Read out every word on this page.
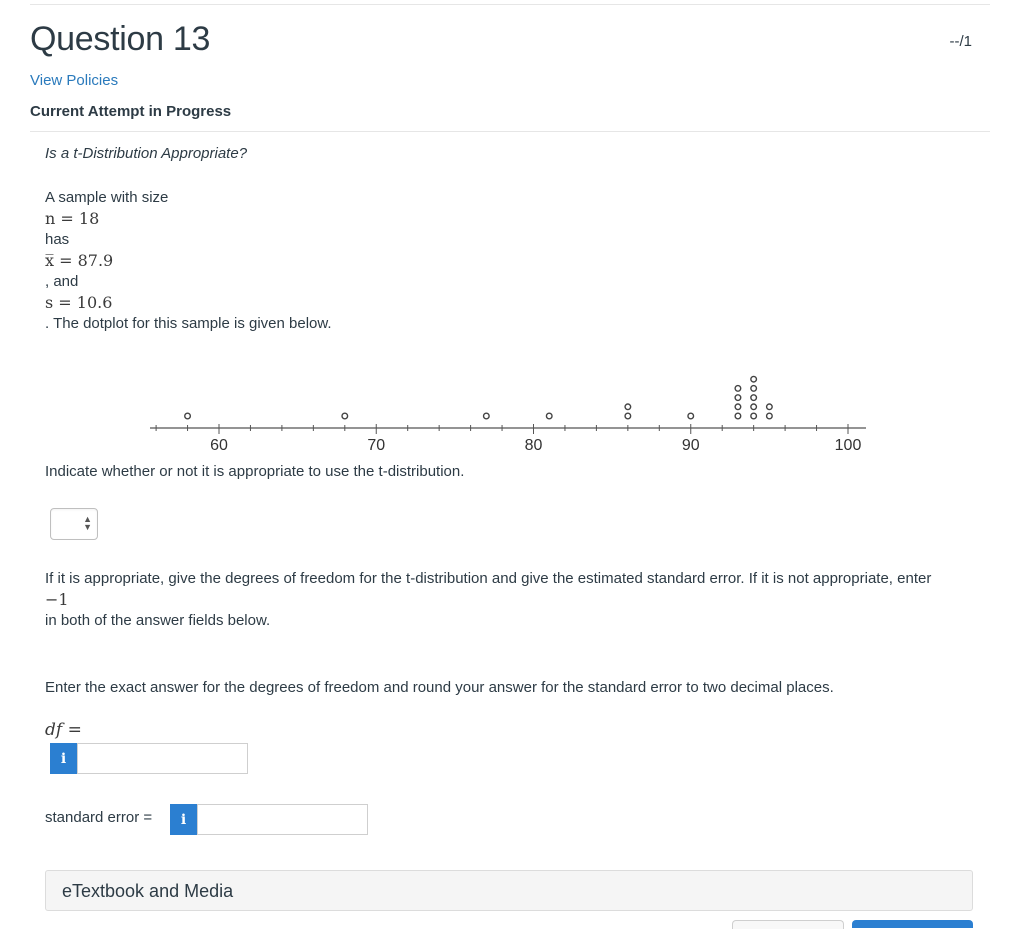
Question 13	--/1
View Policies
Current Attempt in Progress
Is a t-Distribution Appropriate?
A sample with size
n = 18
has
x̅ = 87.9
, and
s = 10.6
. The dotplot for this sample is given below.
Indicate whether or not it is appropriate to use the t-distribution.
60	70	80	90	100
▲
▼
If it is appropriate, give the degrees of freedom for the t-distribution and give the estimated standard error. If it is not appropriate, enter
−1
in both of the answer fields below.
Enter the exact answer for the degrees of freedom and round your answer for the standard error to two decimal places.
df =
i
standard error = i
eTextbook and Media
